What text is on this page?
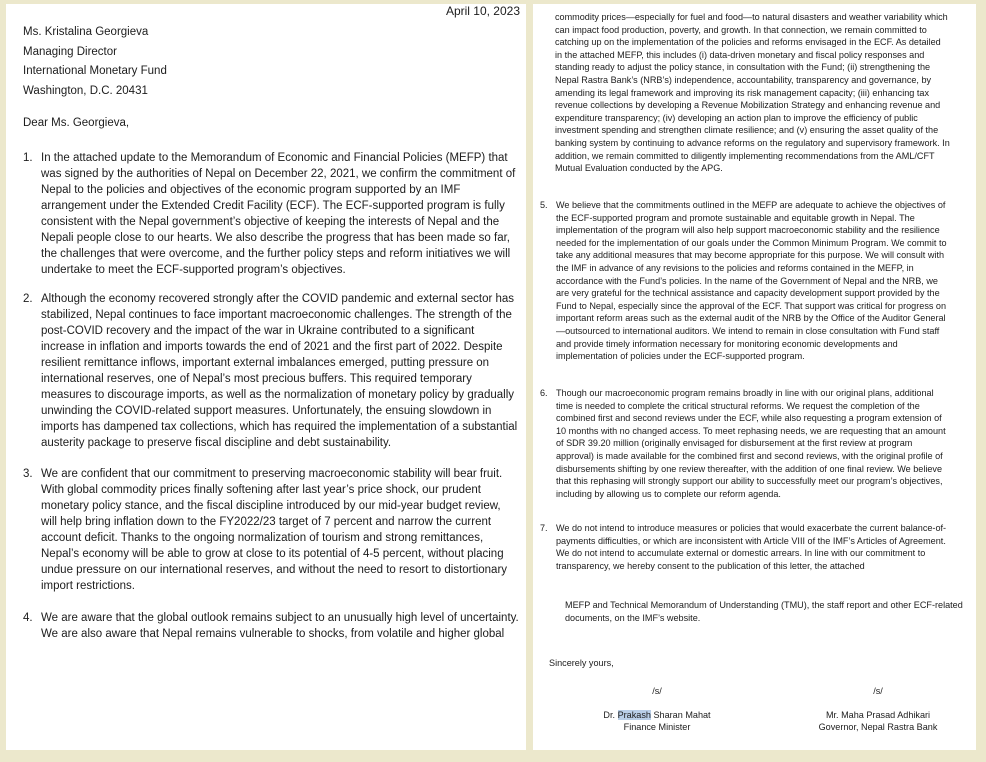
April 10, 2023
Ms. Kristalina Georgieva
Managing Director
International Monetary Fund
Washington, D.C. 20431
Dear Ms. Georgieva,
1. In the attached update to the Memorandum of Economic and Financial Policies (MEFP) that was signed by the authorities of Nepal on December 22, 2021, we confirm the commitment of Nepal to the policies and objectives of the economic program supported by an IMF arrangement under the Extended Credit Facility (ECF). The ECF-supported program is fully consistent with the Nepal government’s objective of keeping the interests of Nepal and the Nepali people close to our hearts. We also describe the progress that has been made so far, the challenges that were overcome, and the further policy steps and reform initiatives we will undertake to meet the ECF-supported program’s objectives.
2. Although the economy recovered strongly after the COVID pandemic and external sector has stabilized, Nepal continues to face important macroeconomic challenges. The strength of the post-COVID recovery and the impact of the war in Ukraine contributed to a significant increase in inflation and imports towards the end of 2021 and the first part of 2022. Despite resilient remittance inflows, important external imbalances emerged, putting pressure on international reserves, one of Nepal’s most precious buffers. This required temporary measures to discourage imports, as well as the normalization of monetary policy by gradually unwinding the COVID-related support measures. Unfortunately, the ensuing slowdown in imports has dampened tax collections, which has required the implementation of a substantial austerity package to preserve fiscal discipline and debt sustainability.
3. We are confident that our commitment to preserving macroeconomic stability will bear fruit. With global commodity prices finally softening after last year’s price shock, our prudent monetary policy stance, and the fiscal discipline introduced by our mid-year budget review, will help bring inflation down to the FY2022/23 target of 7 percent and narrow the current account deficit. Thanks to the ongoing normalization of tourism and strong remittances, Nepal’s economy will be able to grow at close to its potential of 4-5 percent, without placing undue pressure on our international reserves, and without the need to resort to distortionary import restrictions.
4. We are aware that the global outlook remains subject to an unusually high level of uncertainty. We are also aware that Nepal remains vulnerable to shocks, from volatile and higher global
commodity prices—especially for fuel and food—to natural disasters and weather variability which can impact food production, poverty, and growth. In that connection, we remain committed to catching up on the implementation of the policies and reforms envisaged in the ECF. As detailed in the attached MEFP, this includes (i) data-driven monetary and fiscal policy responses and standing ready to adjust the policy stance, in consultation with the Fund; (ii) strengthening the Nepal Rastra Bank’s (NRB’s) independence, accountability, transparency and governance, by amending its legal framework and improving its risk management capacity; (iii) enhancing tax revenue collections by developing a Revenue Mobilization Strategy and enhancing revenue and expenditure transparency; (iv) developing an action plan to improve the efficiency of public investment spending and strengthen climate resilience; and (v) ensuring the asset quality of the banking system by continuing to advance reforms on the regulatory and supervisory framework. In addition, we remain committed to diligently implementing recommendations from the AML/CFT Mutual Evaluation conducted by the APG.
5. We believe that the commitments outlined in the MEFP are adequate to achieve the objectives of the ECF-supported program and promote sustainable and equitable growth in Nepal. The implementation of the program will also help support macroeconomic stability and the resilience needed for the implementation of our goals under the Common Minimum Program. We commit to take any additional measures that may become appropriate for this purpose. We will consult with the IMF in advance of any revisions to the policies and reforms contained in the MEFP, in accordance with the Fund’s policies. In the name of the Government of Nepal and the NRB, we are very grateful for the technical assistance and capacity development support provided by the Fund to Nepal, especially since the approval of the ECF. That support was critical for progress on important reform areas such as the external audit of the NRB by the Office of the Auditor General—outsourced to international auditors. We intend to remain in close consultation with Fund staff and provide timely information necessary for monitoring economic developments and implementation of policies under the ECF-supported program.
6. Though our macroeconomic program remains broadly in line with our original plans, additional time is needed to complete the critical structural reforms. We request the completion of the combined first and second reviews under the ECF, while also requesting a program extension of 10 months with no changed access. To meet rephasing needs, we are requesting that an amount of SDR 39.20 million (originally envisaged for disbursement at the first review at program approval) is made available for the combined first and second reviews, with the original profile of disbursements shifting by one review thereafter, with the addition of one final review. We believe that this rephasing will strongly support our ability to successfully meet our program’s objectives, including by allowing us to complete our reform agenda.
7. We do not intend to introduce measures or policies that would exacerbate the current balance-of-payments difficulties, or which are inconsistent with Article VIII of the IMF’s Articles of Agreement. We do not intend to accumulate external or domestic arrears. In line with our commitment to transparency, we hereby consent to the publication of this letter, the attached
MEFP and Technical Memorandum of Understanding (TMU), the staff report and other ECF-related documents, on the IMF’s website.
Sincerely yours,
/s/
Dr. Prakash Sharan Mahat
Finance Minister
/s/
Mr. Maha Prasad Adhikari
Governor, Nepal Rastra Bank
